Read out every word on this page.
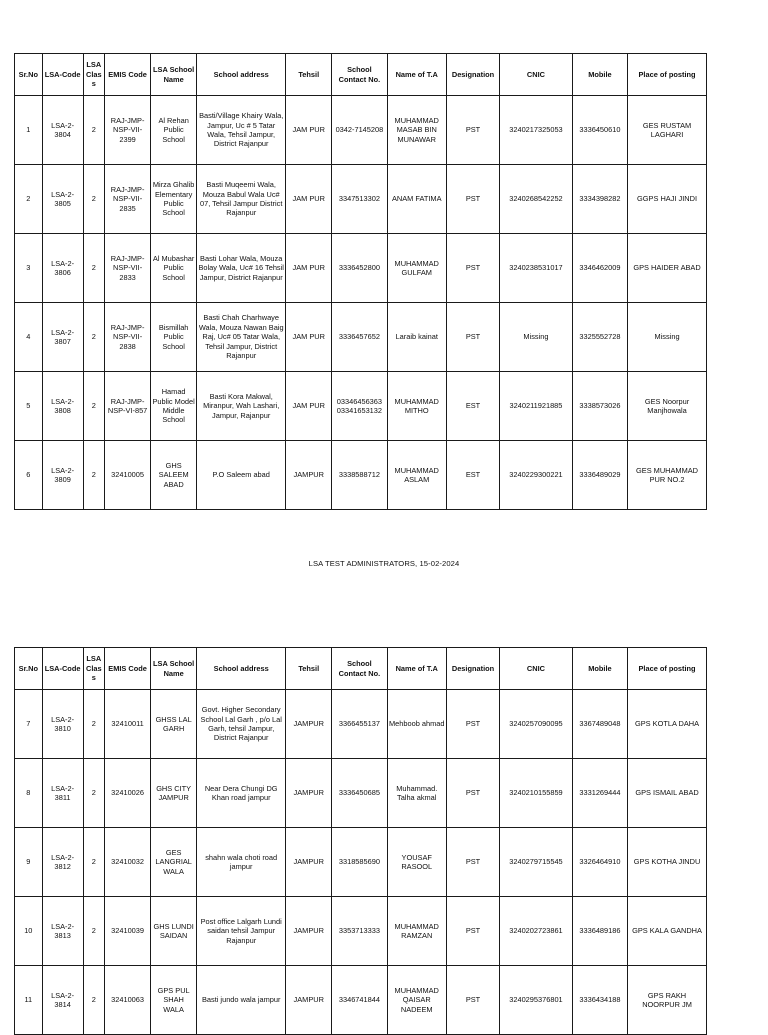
Sr.No	LSA-Code	LSA Class	EMIS Code	LSA School Name	School address	Tehsil	School Contact No.	Name of T.A	Designation	CNIC	Mobile	Place of posting
1	LSA-2-3804	2	RAJ-JMP-NSP-VII-2399	Al Rehan Public School	Basti/Village Khairy Wala, Jampur, Uc # 5 Tatar Wala, Tehsil Jampur, District Rajanpur	JAM PUR	0342-7145208	MUHAMMAD MASAB BIN MUNAWAR	PST	3240217325053	3336450610	GES RUSTAM LAGHARI
2	LSA-2-3805	2	RAJ-JMP-NSP-VII-2835	Mirza Ghalib Elementary Public School	Basti Muqeemi Wala, Mouza Babul Wala Uc# 07, Tehsil Jampur District Rajanpur	JAM PUR	3347513302	ANAM FATIMA	PST	3240268542252	3334398282	GGPS HAJI JINDI
3	LSA-2-3806	2	RAJ-JMP-NSP-VII-2833	Al Mubashar Public School	Basti Lohar Wala, Mouza Bolay Wala, Uc# 16 Tehsil Jampur, District Rajanpur	JAM PUR	3336452800	MUHAMMAD GULFAM	PST	3240238531017	3346462009	GPS HAIDER ABAD
4	LSA-2-3807	2	RAJ-JMP-NSP-VII-2838	Bismillah Public School	Basti Chah Charhwaye Wala, Mouza Nawan Baig Raj, Uc# 05 Tatar Wala, Tehsil Jampur, District Rajanpur	JAM PUR	3336457652	Laraib kainat	PST	Missing	3325552728	Missing
5	LSA-2-3808	2	RAJ-JMP-NSP-VI-857	Hamad Public Model Middle School	Basti Kora Makwal, Miranpur, Wah Lashari, Jampur, Rajanpur	JAM PUR	03346456363 03341653132	MUHAMMAD MITHO	EST	3240211921885	3338573026	GES Noorpur Manjhowala
6	LSA-2-3809	2	32410005	GHS SALEEM ABAD	P.O Saleem abad	JAMPUR	3338588712	MUHAMMAD ASLAM	EST	3240229300221	3336489029	GES MUHAMMAD PUR NO.2
LSA TEST ADMINISTRATORS, 15-02-2024
Sr.No	LSA-Code	LSA Class	EMIS Code	LSA School Name	School address	Tehsil	School Contact No.	Name of T.A	Designation	CNIC	Mobile	Place of posting
7	LSA-2-3810	2	32410011	GHSS LAL GARH	Govt. Higher Secondary School Lal Garh , p/o Lal Garh, tehsil Jampur, District Rajanpur	JAMPUR	3366455137	Mehboob ahmad	PST	3240257090095	3367489048	GPS KOTLA DAHA
8	LSA-2-3811	2	32410026	GHS CITY JAMPUR	Near Dera Chungi DG Khan road jampur	JAMPUR	3336450685	Muhammad. Talha akmal	PST	3240210155859	3331269444	GPS ISMAIL ABAD
9	LSA-2-3812	2	32410032	GES LANGRIAL WALA	shahn wala choti road jampur	JAMPUR	3318585690	YOUSAF RASOOL	PST	3240279715545	3326464910	GPS KOTHA JINDU
10	LSA-2-3813	2	32410039	GHS LUNDI SAIDAN	Post office Lalgarh Lundi saidan tehsil Jampur Rajanpur	JAMPUR	3353713333	MUHAMMAD RAMZAN	PST	3240202723861	3336489186	GPS KALA GANDHA
11	LSA-2-3814	2	32410063	GPS PUL SHAH WALA	Basti jundo wala jampur	JAMPUR	3346741844	MUHAMMAD QAISAR NADEEM	PST	3240295376801	3336434188	GPS RAKH NOORPUR JM
